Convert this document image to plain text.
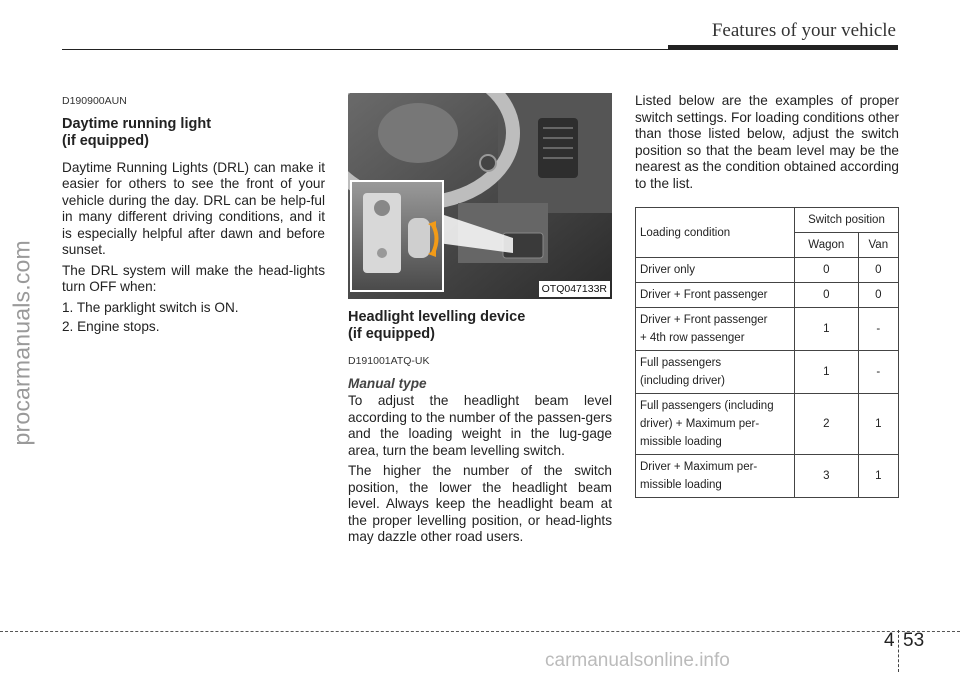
Features of your vehicle
procarmanuals.com
D190900AUN
Daytime running light
(if equipped)

Daytime Running Lights (DRL) can make it easier for others to see the front of your vehicle during the day. DRL can be help-ful in many different driving conditions, and it is especially helpful after dawn and before sunset.

The DRL system will make the head-lights turn OFF when:

1. The parklight switch is ON.
2. Engine stops.
OTQ047133R
Headlight levelling device
(if equipped)
D191001ATQ-UK
Manual type

To adjust the headlight beam level according to the number of the passen-gers and the loading weight in the lug-gage area, turn the beam levelling switch.

The higher the number of the switch position, the lower the headlight beam level. Always keep the headlight beam at the proper levelling position, or head-lights may dazzle other road users.

Listed below are the examples of proper switch settings. For loading conditions other than those listed below, adjust the switch position so that the beam level may be the nearest as the condition obtained according to the list.

Loading condition	Switch position	
	Wagon	Van

Driver only	0	0

Driver + Front passenger	0	0

Driver + Front passenger
+ 4th row passenger	1	-

Full passengers
(including driver)	1	-

Full passengers (including
driver) + Maximum per-
missible loading	2	1

Driver + Maximum per-
missible loading	3	1
4 53
carmanualsonline.info
